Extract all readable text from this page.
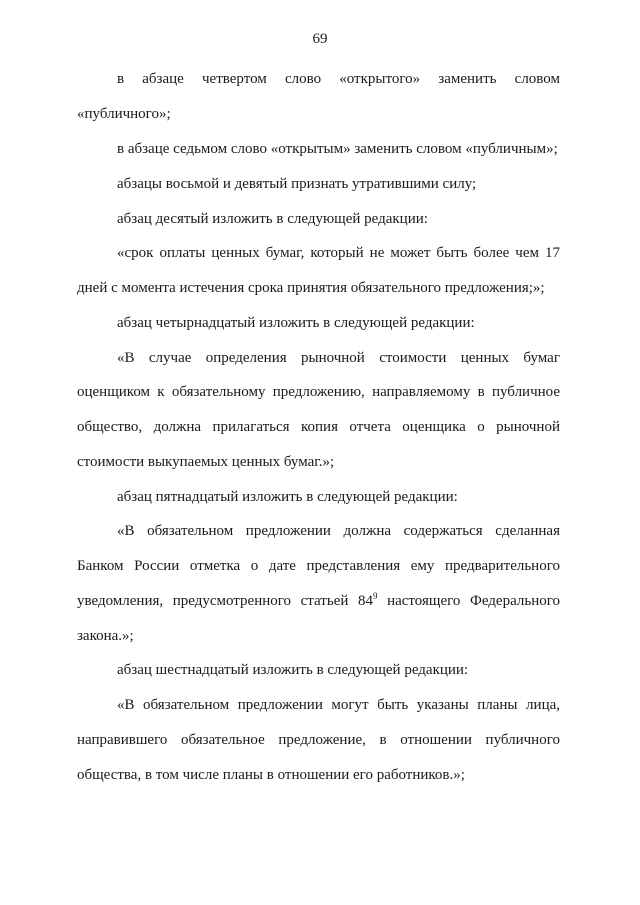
69
в абзаце четвертом слово «открытого» заменить словом
«публичного»;
в абзаце седьмом слово «открытым» заменить словом «публичным»;
абзацы восьмой и девятый признать утратившими силу;
абзац десятый изложить в следующей редакции:
«срок оплаты ценных бумаг, который не может быть более чем 17
дней с момента истечения срока принятия обязательного предложения;»;
абзац четырнадцатый изложить в следующей редакции:
«В случае определения рыночной стоимости ценных бумаг
оценщиком к обязательному предложению, направляемому в публичное
общество, должна прилагаться копия отчета оценщика о рыночной
стоимости выкупаемых ценных бумаг.»;
абзац пятнадцатый изложить в следующей редакции:
«В обязательном предложении должна содержаться сделанная
Банком России отметка о дате представления ему предварительного
уведомления, предусмотренного статьей $84^9$ настоящего Федерального
закона.»;
абзац шестнадцатый изложить в следующей редакции:
«В обязательном предложении могут быть указаны планы лица,
направившего обязательное предложение, в отношении публичного
общества, в том числе планы в отношении его работников.»;
